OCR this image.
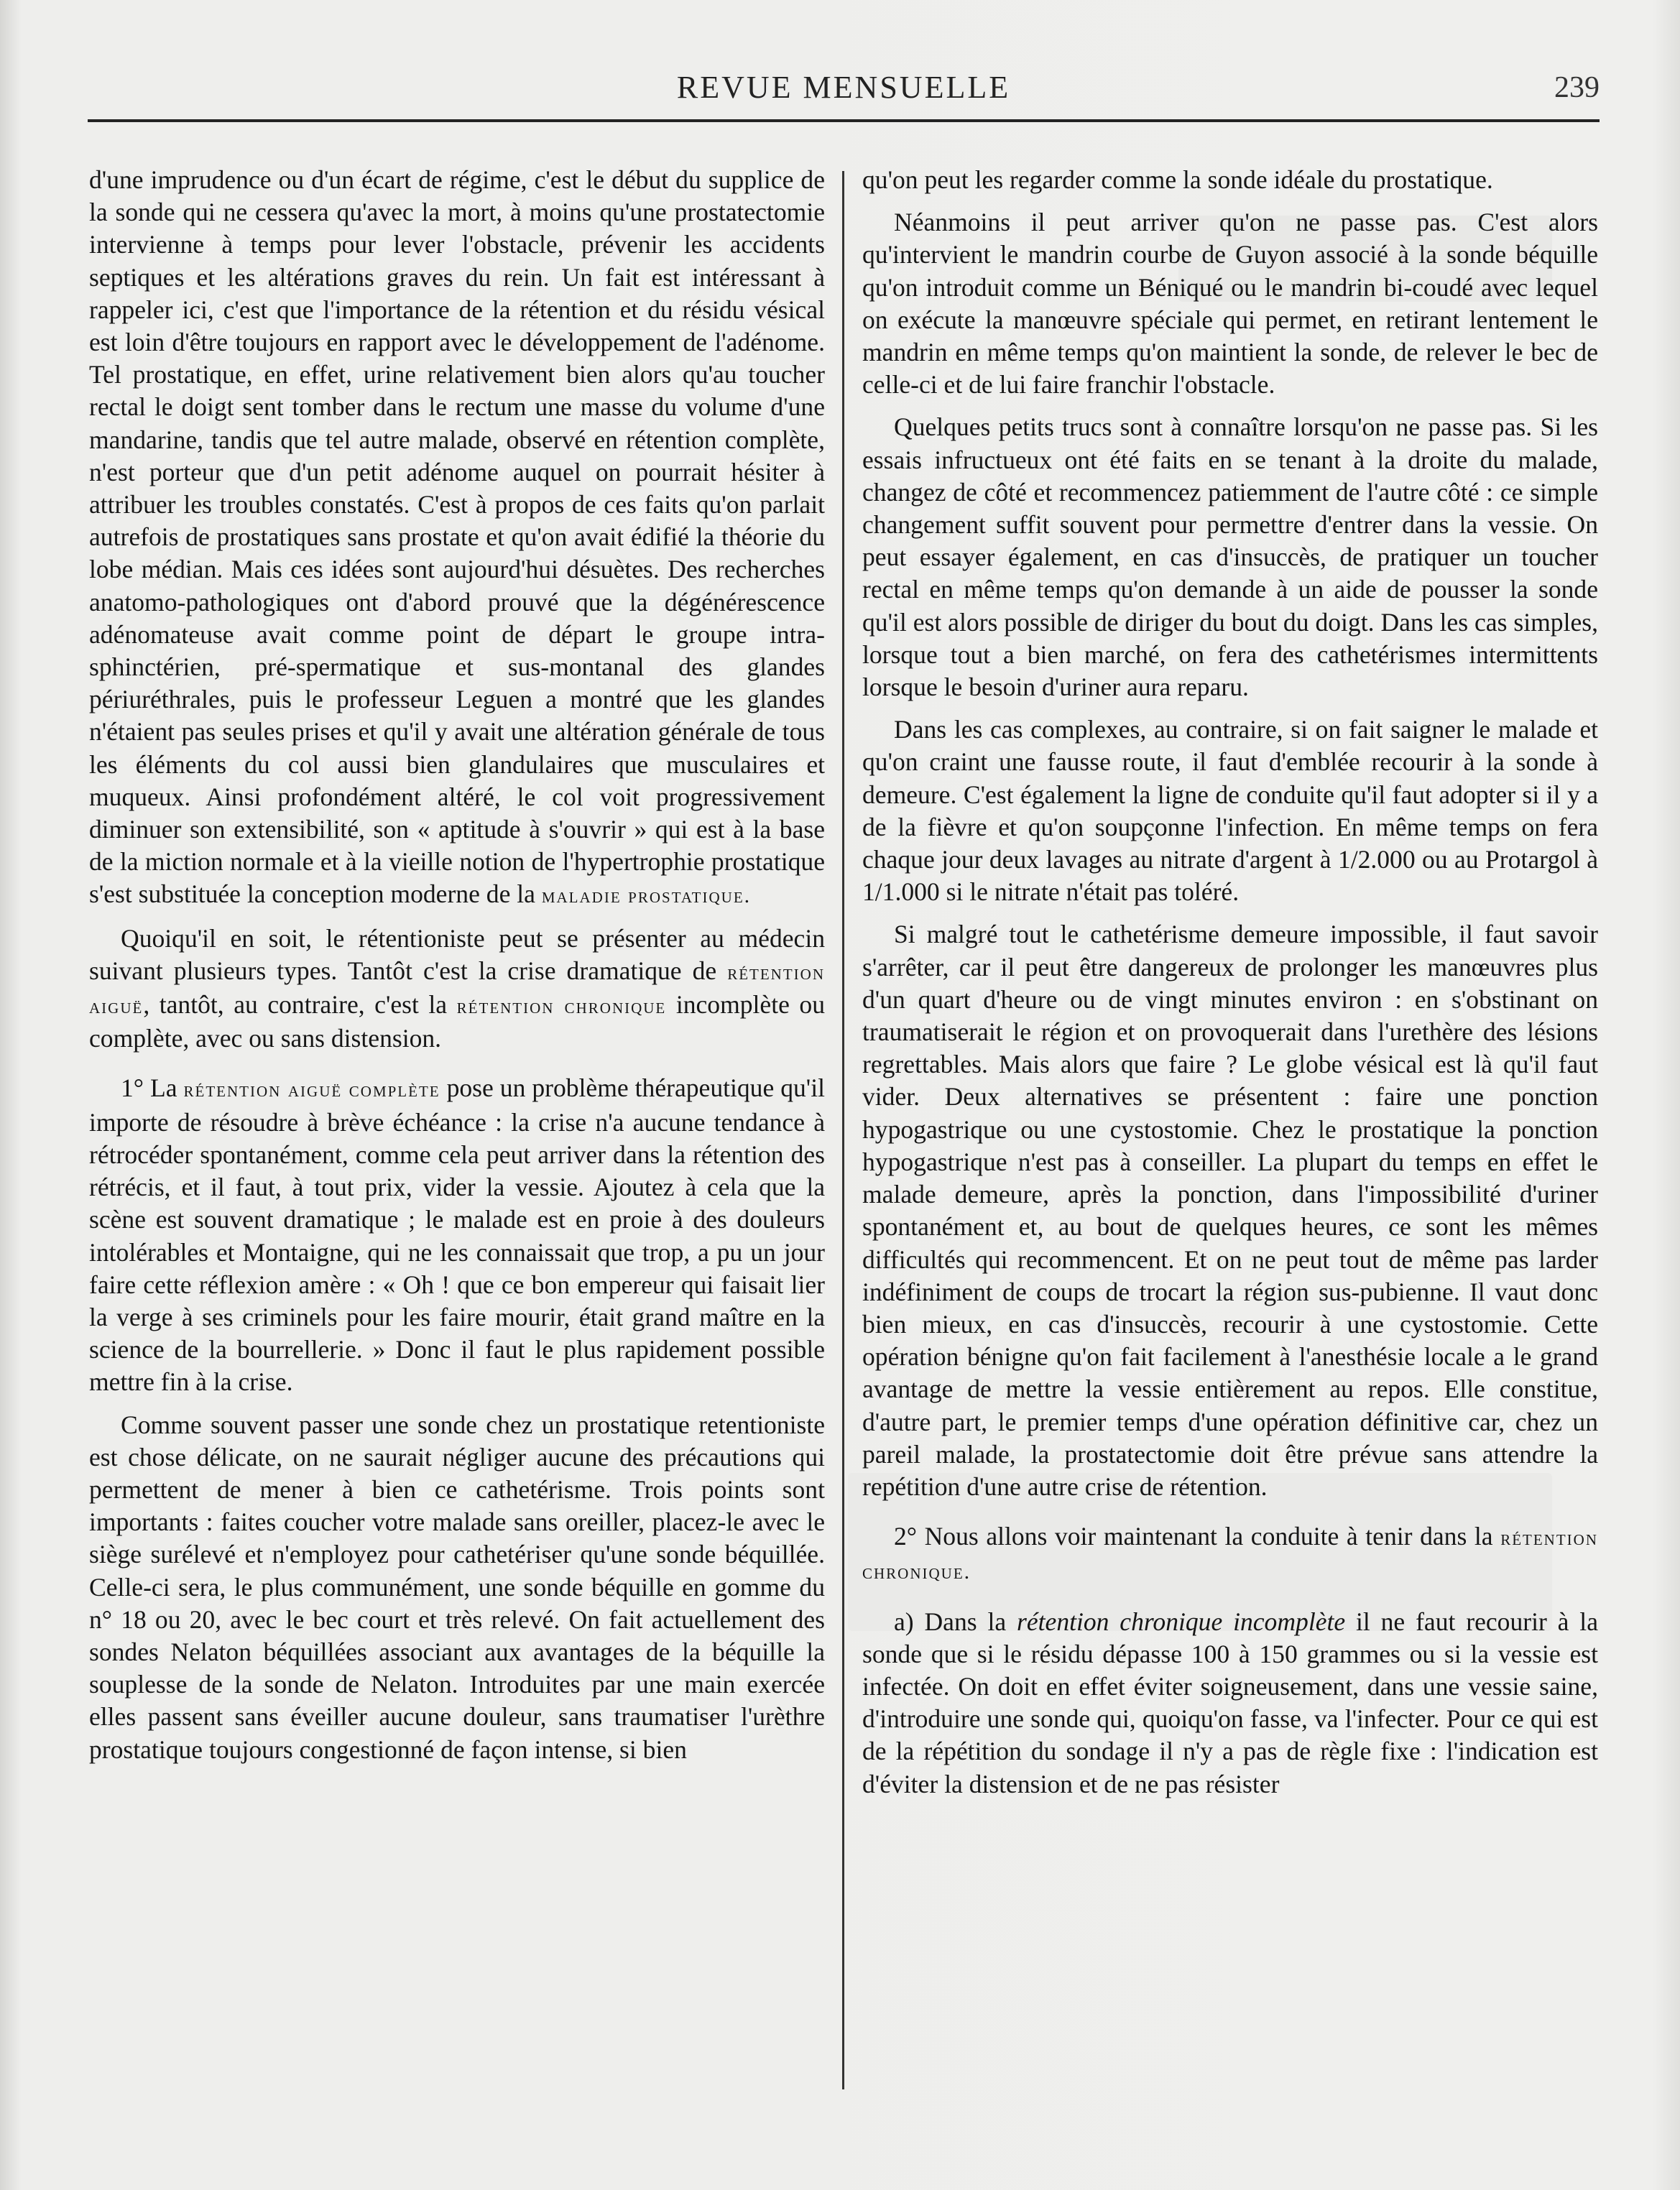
REVUE MENSUELLE	239

d'une imprudence ou d'un écart de régime, c'est le début du supplice de la sonde qui ne cessera qu'avec la mort, à moins qu'une prostatectomie intervienne à temps pour lever l'obstacle, prévenir les accidents septiques et les altérations graves du rein. Un fait est intéressant à rappeler ici, c'est que l'importance de la rétention et du résidu vésical est loin d'être toujours en rapport avec le développement de l'adénome. Tel prostatique, en effet, urine relativement bien alors qu'au toucher rectal le doigt sent tomber dans le rectum une masse du volume d'une mandarine, tandis que tel autre malade, observé en rétention complète, n'est porteur que d'un petit adénome auquel on pourrait hésiter à attribuer les troubles constatés. C'est à propos de ces faits qu'on parlait autrefois de prostatiques sans prostate et qu'on avait édifié la théorie du lobe médian. Mais ces idées sont aujourd'hui désuètes. Des recherches anatomo-pathologiques ont d'abord prouvé que la dégénérescence adénomateuse avait comme point de départ le groupe intra-sphinctérien, pré-spermatique et sus-montanal des glandes périuréthrales, puis le professeur Leguen a montré que les glandes n'étaient pas seules prises et qu'il y avait une altération générale de tous les éléments du col aussi bien glandulaires que musculaires et muqueux. Ainsi profondément altéré, le col voit progressivement diminuer son extensibilité, son « aptitude à s'ouvrir » qui est à la base de la miction normale et à la vieille notion de l'hypertrophie prostatique s'est substituée la conception moderne de la maladie prostatique.

Quoiqu'il en soit, le rétentioniste peut se présenter au médecin suivant plusieurs types. Tantôt c'est la crise dramatique de rétention aiguë, tantôt, au contraire, c'est la rétention chronique incomplète ou complète, avec ou sans distension.

1° La rétention aiguë complète pose un problème thérapeutique qu'il importe de résoudre à brève échéance : la crise n'a aucune tendance à rétrocéder spontanément, comme cela peut arriver dans la rétention des rétrécis, et il faut, à tout prix, vider la vessie. Ajoutez à cela que la scène est souvent dramatique ; le malade est en proie à des douleurs intolérables et Montaigne, qui ne les connaissait que trop, a pu un jour faire cette réflexion amère : « Oh ! que ce bon empereur qui faisait lier la verge à ses criminels pour les faire mourir, était grand maître en la science de la bourrellerie. » Donc il faut le plus rapidement possible mettre fin à la crise.

Comme souvent passer une sonde chez un prostatique retentioniste est chose délicate, on ne saurait négliger aucune des précautions qui permettent de mener à bien ce cathetérisme. Trois points sont importants : faites coucher votre malade sans oreiller, placez-le avec le siège surélevé et n'employez pour cathetériser qu'une sonde béquillée. Celle-ci sera, le plus communément, une sonde béquille en gomme du n° 18 ou 20, avec le bec court et très relevé. On fait actuellement des sondes Nelaton béquillées associant aux avantages de la béquille la souplesse de la sonde de Nelaton. Introduites par une main exercée elles passent sans éveiller aucune douleur, sans traumatiser l'urèthre prostatique toujours congestionné de façon intense, si bien

qu'on peut les regarder comme la sonde idéale du prostatique.

Néanmoins il peut arriver qu'on ne passe pas. C'est alors qu'intervient le mandrin courbe de Guyon associé à la sonde béquille qu'on introduit comme un Béniqué ou le mandrin bi-coudé avec lequel on exécute la manœuvre spéciale qui permet, en retirant lentement le mandrin en même temps qu'on maintient la sonde, de relever le bec de celle-ci et de lui faire franchir l'obstacle.

Quelques petits trucs sont à connaître lorsqu'on ne passe pas. Si les essais infructueux ont été faits en se tenant à la droite du malade, changez de côté et recommencez patiemment de l'autre côté : ce simple changement suffit souvent pour permettre d'entrer dans la vessie. On peut essayer également, en cas d'insuccès, de pratiquer un toucher rectal en même temps qu'on demande à un aide de pousser la sonde qu'il est alors possible de diriger du bout du doigt. Dans les cas simples, lorsque tout a bien marché, on fera des cathetérismes intermittents lorsque le besoin d'uriner aura reparu.

Dans les cas complexes, au contraire, si on fait saigner le malade et qu'on craint une fausse route, il faut d'emblée recourir à la sonde à demeure. C'est également la ligne de conduite qu'il faut adopter si il y a de la fièvre et qu'on soupçonne l'infection. En même temps on fera chaque jour deux lavages au nitrate d'argent à 1/2.000 ou au Protargol à 1/1.000 si le nitrate n'était pas toléré.

Si malgré tout le cathetérisme demeure impossible, il faut savoir s'arrêter, car il peut être dangereux de prolonger les manœuvres plus d'un quart d'heure ou de vingt minutes environ : en s'obstinant on traumatiserait le région et on provoquerait dans l'urethère des lésions regrettables. Mais alors que faire ? Le globe vésical est là qu'il faut vider. Deux alternatives se présentent : faire une ponction hypogastrique ou une cystostomie. Chez le prostatique la ponction hypogastrique n'est pas à conseiller. La plupart du temps en effet le malade demeure, après la ponction, dans l'impossibilité d'uriner spontanément et, au bout de quelques heures, ce sont les mêmes difficultés qui recommencent. Et on ne peut tout de même pas larder indéfiniment de coups de trocart la région sus-pubienne. Il vaut donc bien mieux, en cas d'insuccès, recourir à une cystostomie. Cette opération bénigne qu'on fait facilement à l'anesthésie locale a le grand avantage de mettre la vessie entièrement au repos. Elle constitue, d'autre part, le premier temps d'une opération définitive car, chez un pareil malade, la prostatectomie doit être prévue sans attendre la repétition d'une autre crise de rétention.

2° Nous allons voir maintenant la conduite à tenir dans la rétention chronique.

a) Dans la rétention chronique incomplète il ne faut recourir à la sonde que si le résidu dépasse 100 à 150 grammes ou si la vessie est infectée. On doit en effet éviter soigneusement, dans une vessie saine, d'introduire une sonde qui, quoiqu'on fasse, va l'infecter. Pour ce qui est de la répétition du sondage il n'y a pas de règle fixe : l'indication est d'éviter la distension et de ne pas résister
